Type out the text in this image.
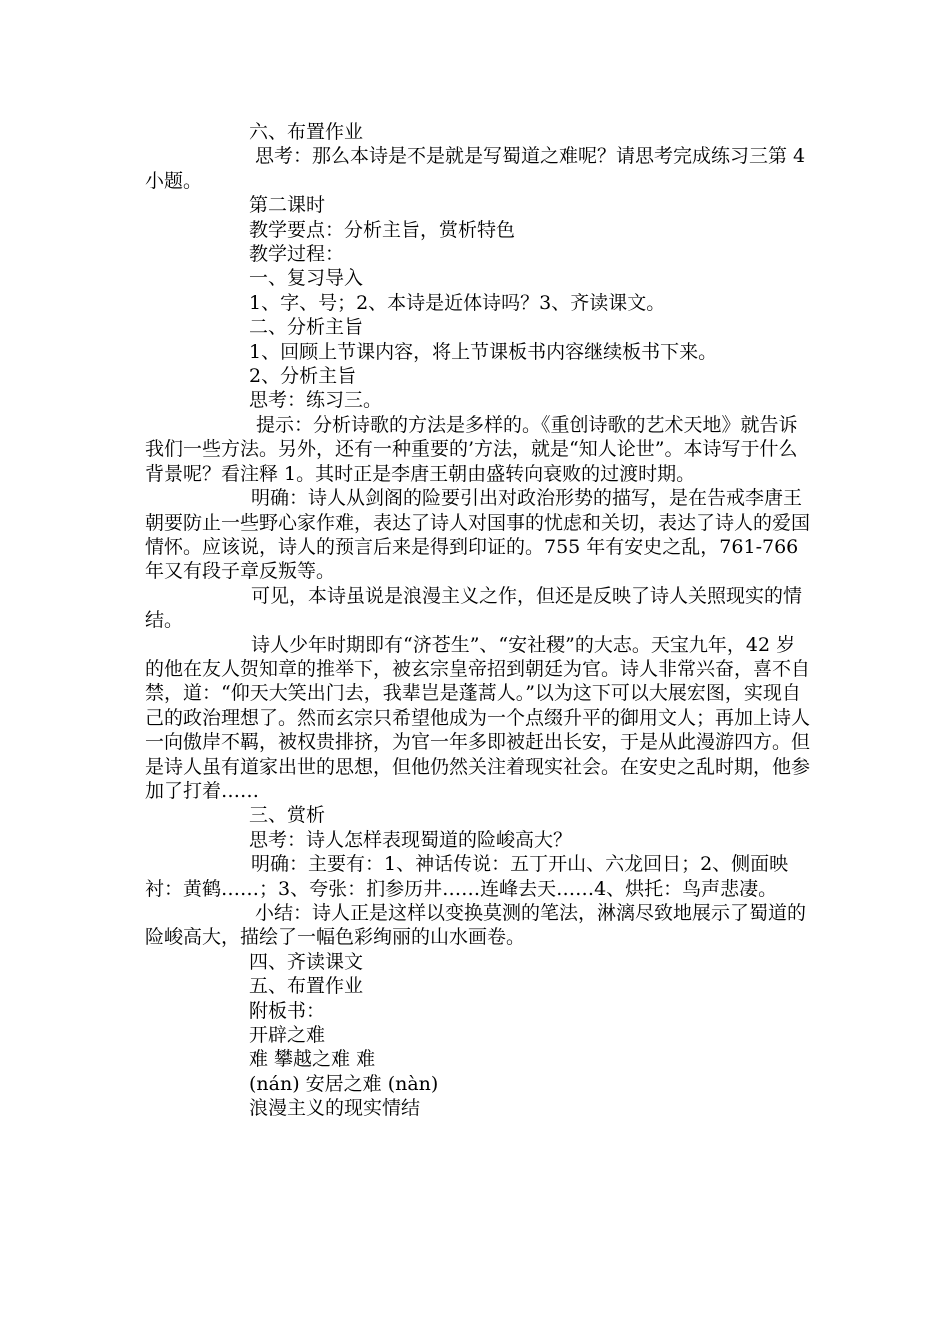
六、布置作业

思考：那么本诗是不是就是写蜀道之难呢？请思考完成练习三第 4 小题。

第二课时

教学要点：分析主旨，赏析特色

教学过程：

一、复习导入

1、字、号；2、本诗是近体诗吗？3、齐读课文。

二、分析主旨

1、回顾上节课内容，将上节课板书内容继续板书下来。

2、分析主旨

思考：练习三。

提示：分析诗歌的方法是多样的。《重创诗歌的艺术天地》就告诉我们一些方法。另外，还有一种重要的’方法，就是“知人论世”。本诗写于什么背景呢？看注释 1。其时正是李唐王朝由盛转向衰败的过渡时期。

明确：诗人从剑阁的险要引出对政治形势的描写，是在告戒李唐王朝要防止一些野心家作难，表达了诗人对国事的忧虑和关切，表达了诗人的爱国情怀。应该说，诗人的预言后来是得到印证的。755 年有安史之乱，761-766 年又有段子章反叛等。

可见，本诗虽说是浪漫主义之作，但还是反映了诗人关照现实的情结。

诗人少年时期即有“济苍生”、“安社稷”的大志。天宝九年，42 岁的他在友人贺知章的推举下，被玄宗皇帝招到朝廷为官。诗人非常兴奋，喜不自禁，道：“仰天大笑出门去，我辈岂是蓬蒿人。”以为这下可以大展宏图，实现自己的政治理想了。然而玄宗只希望他成为一个点缀升平的御用文人；再加上诗人一向傲岸不羁，被权贵排挤，为官一年多即被赶出长安，于是从此漫游四方。但是诗人虽有道家出世的思想，但他仍然关注着现实社会。在安史之乱时期，他参加了打着……

三、赏析

思考：诗人怎样表现蜀道的险峻高大？

明确：主要有：1、神话传说：五丁开山、六龙回日；2、侧面映衬：黄鹤……；3、夸张：扪参历井……连峰去天……4、烘托：鸟声悲凄。

小结：诗人正是这样以变换莫测的笔法，淋漓尽致地展示了蜀道的险峻高大，描绘了一幅色彩绚丽的山水画卷。

四、齐读课文

五、布置作业

附板书：

开辟之难

难 攀越之难 难

(nán) 安居之难 (nàn)

浪漫主义的现实情结
